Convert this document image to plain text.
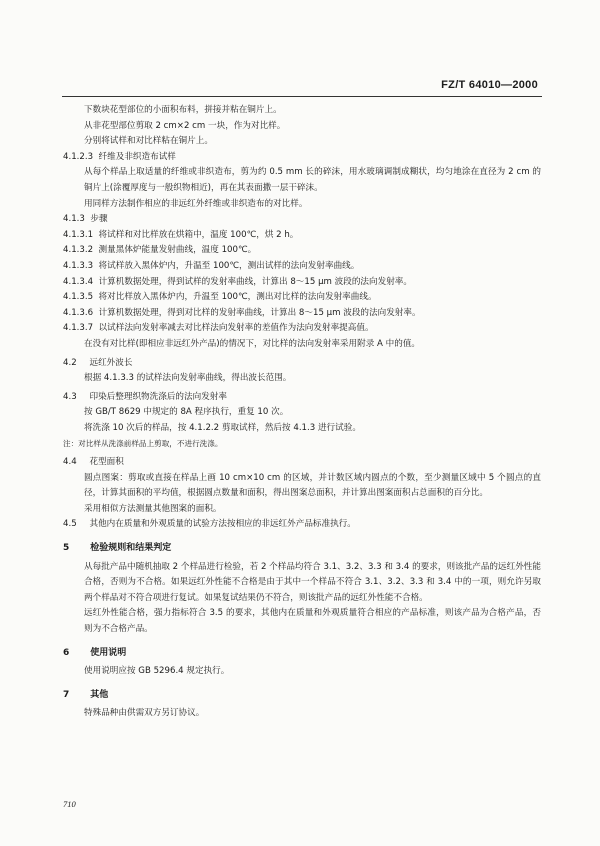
FZ/T 64010—2000

下数块花型部位的小面积布料，拼接并粘在铜片上。

从非花型部位剪取 2 cm×2 cm 一块，作为对比样。

分别将试样和对比样粘在铜片上。

4.1.2.3 纤维及非织造布试样

从每个样品上取适量的纤维或非织造布，剪为约 0.5 mm 长的碎沫，用水玻璃调制成糊状，均匀地涂在直径为 2 cm 的铜片上(涂覆厚度与一般织物相近)，再在其表面撒一层干碎沫。

用同样方法制作相应的非远红外纤维或非织造布的对比样。

4.1.3 步骤

4.1.3.1 将试样和对比样放在烘箱中，温度 100℃，烘 2 h。

4.1.3.2 测量黑体炉能量发射曲线，温度 100℃。

4.1.3.3 将试样放入黑体炉内，升温至 100℃，测出试样的法向发射率曲线。

4.1.3.4 计算机数据处理，得到试样的发射率曲线，计算出 8～15 μm 波段的法向发射率。

4.1.3.5 将对比样放入黑体炉内，升温至 100℃，测出对比样的法向发射率曲线。

4.1.3.6 计算机数据处理，得到对比样的发射率曲线，计算出 8～15 μm 波段的法向发射率。

4.1.3.7 以试样法向发射率减去对比样法向发射率的差值作为法向发射率提高值。

在没有对比样(即相应非远红外产品)的情况下，对比样的法向发射率采用附录 A 中的值。

4.2 远红外波长

根据 4.1.3.3 的试样法向发射率曲线，得出波长范围。

4.3 印染后整理织物洗涤后的法向发射率

按 GB/T 8629 中规定的 8A 程序执行，重复 10 次。

将洗涤 10 次后的样品，按 4.1.2.2 剪取试样，然后按 4.1.3 进行试验。

注：对比样从洗涤前样品上剪取，不进行洗涤。

4.4 花型面积

圆点图案：剪取或直接在样品上画 10 cm×10 cm 的区域，并计数区域内圆点的个数，至少测量区域中 5 个圆点的直径，计算其面积的平均值，根据圆点数量和面积，得出图案总面积，并计算出图案面积占总面积的百分比。

采用相似方法测量其他图案的面积。

4.5 其他内在质量和外观质量的试验方法按相应的非远红外产品标准执行。

5 检验规则和结果判定

从每批产品中随机抽取 2 个样品进行检验，若 2 个样品均符合 3.1、3.2、3.3 和 3.4 的要求，则该批产品的远红外性能合格，否则为不合格。如果远红外性能不合格是由于其中一个样品不符合 3.1、3.2、3.3 和 3.4 中的一项，则允许另取两个样品对不符合项进行复试。如果复试结果仍不符合，则该批产品的远红外性能不合格。

远红外性能合格，强力指标符合 3.5 的要求，其他内在质量和外观质量符合相应的产品标准，则该产品为合格产品，否则为不合格产品。

6 使用说明

使用说明应按 GB 5296.4 规定执行。

7 其他

特殊品种由供需双方另订协议。

710
